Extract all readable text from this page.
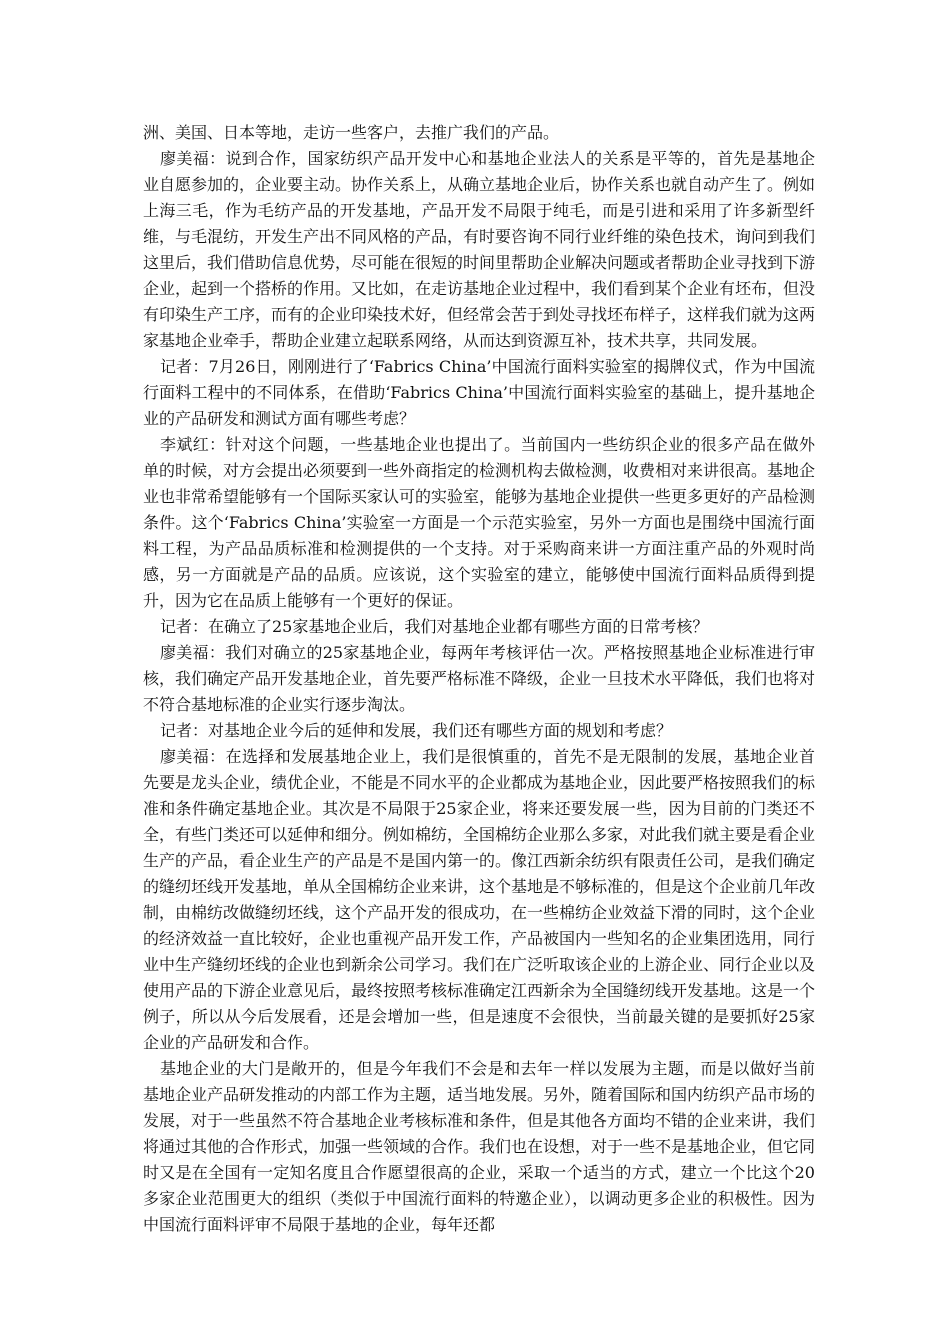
洲、美国、日本等地，走访一些客户，去推广我们的产品。

廖美福：说到合作，国家纺织产品开发中心和基地企业法人的关系是平等的，首先是基地企业自愿参加的，企业要主动。协作关系上，从确立基地企业后，协作关系也就自动产生了。例如上海三毛，作为毛纺产品的开发基地，产品开发不局限于纯毛，而是引进和采用了许多新型纤维，与毛混纺，开发生产出不同风格的产品，有时要咨询不同行业纤维的染色技术，询问到我们这里后，我们借助信息优势，尽可能在很短的时间里帮助企业解决问题或者帮助企业寻找到下游企业，起到一个搭桥的作用。又比如，在走访基地企业过程中，我们看到某个企业有坯布，但没有印染生产工序，而有的企业印染技术好，但经常会苦于到处寻找坯布样子，这样我们就为这两家基地企业牵手，帮助企业建立起联系网络，从而达到资源互补，技术共享，共同发展。

记者：7月26日，刚刚进行了‘Fabrics China’中国流行面料实验室的揭牌仪式，作为中国流行面料工程中的不同体系，在借助‘Fabrics China’中国流行面料实验室的基础上，提升基地企业的产品研发和测试方面有哪些考虑？

李斌红：针对这个问题，一些基地企业也提出了。当前国内一些纺织企业的很多产品在做外单的时候，对方会提出必须要到一些外商指定的检测机构去做检测，收费相对来讲很高。基地企业也非常希望能够有一个国际买家认可的实验室，能够为基地企业提供一些更多更好的产品检测条件。这个‘Fabrics China’实验室一方面是一个示范实验室，另外一方面也是围绕中国流行面料工程，为产品品质标准和检测提供的一个支持。对于采购商来讲一方面注重产品的外观时尚感，另一方面就是产品的品质。应该说，这个实验室的建立，能够使中国流行面料品质得到提升，因为它在品质上能够有一个更好的保证。

记者：在确立了25家基地企业后，我们对基地企业都有哪些方面的日常考核？

廖美福：我们对确立的25家基地企业，每两年考核评估一次。严格按照基地企业标准进行审核，我们确定产品开发基地企业，首先要严格标准不降级，企业一旦技术水平降低，我们也将对不符合基地标准的企业实行逐步淘汰。

记者：对基地企业今后的延伸和发展，我们还有哪些方面的规划和考虑？

廖美福：在选择和发展基地企业上，我们是很慎重的，首先不是无限制的发展，基地企业首先要是龙头企业，绩优企业，不能是不同水平的企业都成为基地企业，因此要严格按照我们的标准和条件确定基地企业。其次是不局限于25家企业，将来还要发展一些，因为目前的门类还不全，有些门类还可以延伸和细分。例如棉纺，全国棉纺企业那么多家，对此我们就主要是看企业生产的产品，看企业生产的产品是不是国内第一的。像江西新余纺织有限责任公司，是我们确定的缝纫坯线开发基地，单从全国棉纺企业来讲，这个基地是不够标准的，但是这个企业前几年改制，由棉纺改做缝纫坯线，这个产品开发的很成功，在一些棉纺企业效益下滑的同时，这个企业的经济效益一直比较好，企业也重视产品开发工作，产品被国内一些知名的企业集团选用，同行业中生产缝纫坯线的企业也到新余公司学习。我们在广泛听取该企业的上游企业、同行企业以及使用产品的下游企业意见后，最终按照考核标准确定江西新余为全国缝纫线开发基地。这是一个例子，所以从今后发展看，还是会增加一些，但是速度不会很快，当前最关键的是要抓好25家企业的产品研发和合作。

基地企业的大门是敞开的，但是今年我们不会是和去年一样以发展为主题，而是以做好当前基地企业产品研发推动的内部工作为主题，适当地发展。另外，随着国际和国内纺织产品市场的发展，对于一些虽然不符合基地企业考核标准和条件，但是其他各方面均不错的企业来讲，我们将通过其他的合作形式，加强一些领域的合作。我们也在设想，对于一些不是基地企业，但它同时又是在全国有一定知名度且合作愿望很高的企业，采取一个适当的方式，建立一个比这个20多家企业范围更大的组织（类似于中国流行面料的特邀企业），以调动更多企业的积极性。因为中国流行面料评审不局限于基地的企业，每年还都
